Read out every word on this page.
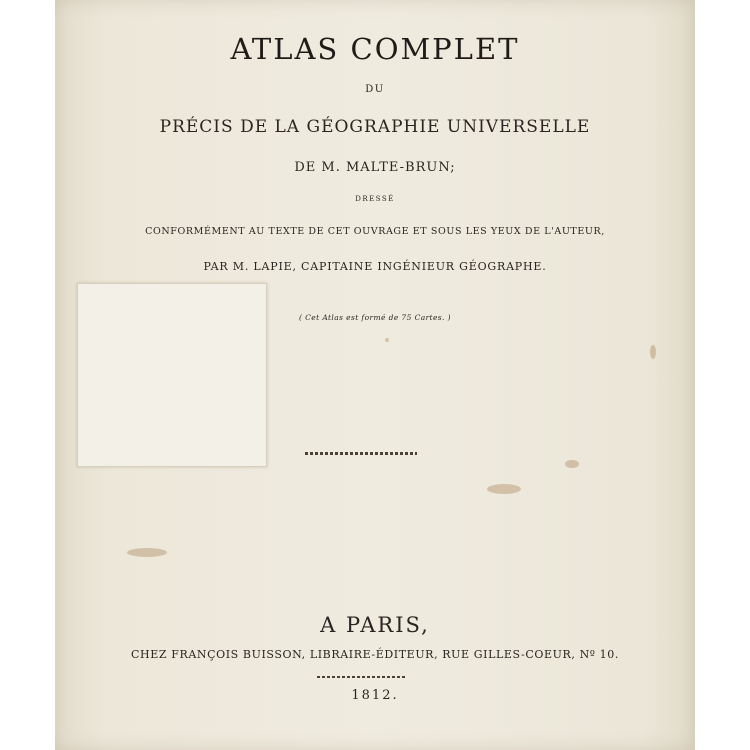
ATLAS COMPLET
DU
PRÉCIS DE LA GÉOGRAPHIE UNIVERSELLE
DE M. MALTE-BRUN;
DRESSÉ
CONFORMÉMENT AU TEXTE DE CET OUVRAGE ET SOUS LES YEUX DE L'AUTEUR,
PAR M. LAPIE, CAPITAINE INGÉNIEUR GÉOGRAPHE.
( Cet Atlas est formé de 75 Cartes. )
A PARIS,
CHEZ FRANÇOIS BUISSON, LIBRAIRE-ÉDITEUR, RUE GILLES-COEUR, Nº 10.
1812.
